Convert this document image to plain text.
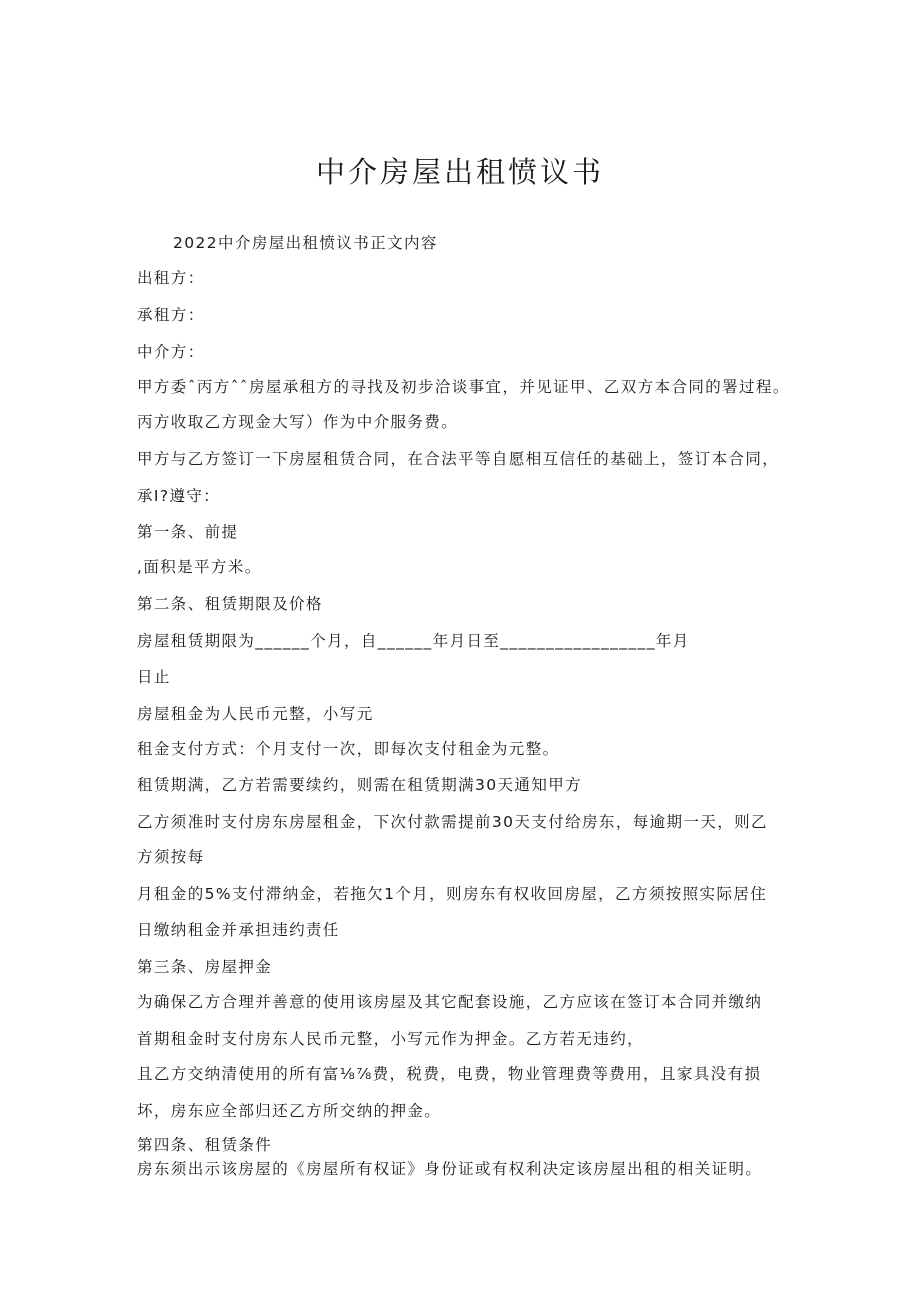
中介房屋出租愤议书
2022中介房屋出租愤议书正文内容
出租方：
承租方：
中介方：
甲方委ˆ丙方ˆˆ房屋承租方的寻找及初步洽谈事宜，并见证甲、乙双方本合同的署过程。
丙方收取乙方现金大写）作为中介服务费。
甲方与乙方签订一下房屋租赁合同，在合法平等自愿相互信任的基础上，签订本合同，
承I?遵守：
第一条、前提
,面积是平方米。
第二条、租赁期限及价格
房屋租赁期限为______个月，自______年月日至_________________年月
日止
房屋租金为人民币元整，小写元
租金支付方式：个月支付一次，即每次支付租金为元整。
租赁期满，乙方若需要续约，则需在租赁期满30天通知甲方
乙方须准时支付房东房屋租金，下次付款需提前30天支付给房东，每逾期一天，则乙
方须按每
月租金的5%支付滞纳金，若拖欠1个月，则房东有权收回房屋，乙方须按照实际居住
日缴纳租金并承担违约责任
第三条、房屋押金
为确保乙方合理并善意的使用该房屋及其它配套设施，乙方应该在签订本合同并缴纳
首期租金时支付房东人民币元整，小写元作为押金。乙方若无违约，
且乙方交纳清使用的所有富⅛⅞费，税费，电费，物业管理费等费用，且家具没有损
坏，房东应全部归还乙方所交纳的押金。
第四条、租赁条件
房东须出示该房屋的《房屋所有权证》身份证或有权利决定该房屋出租的相关证明。
